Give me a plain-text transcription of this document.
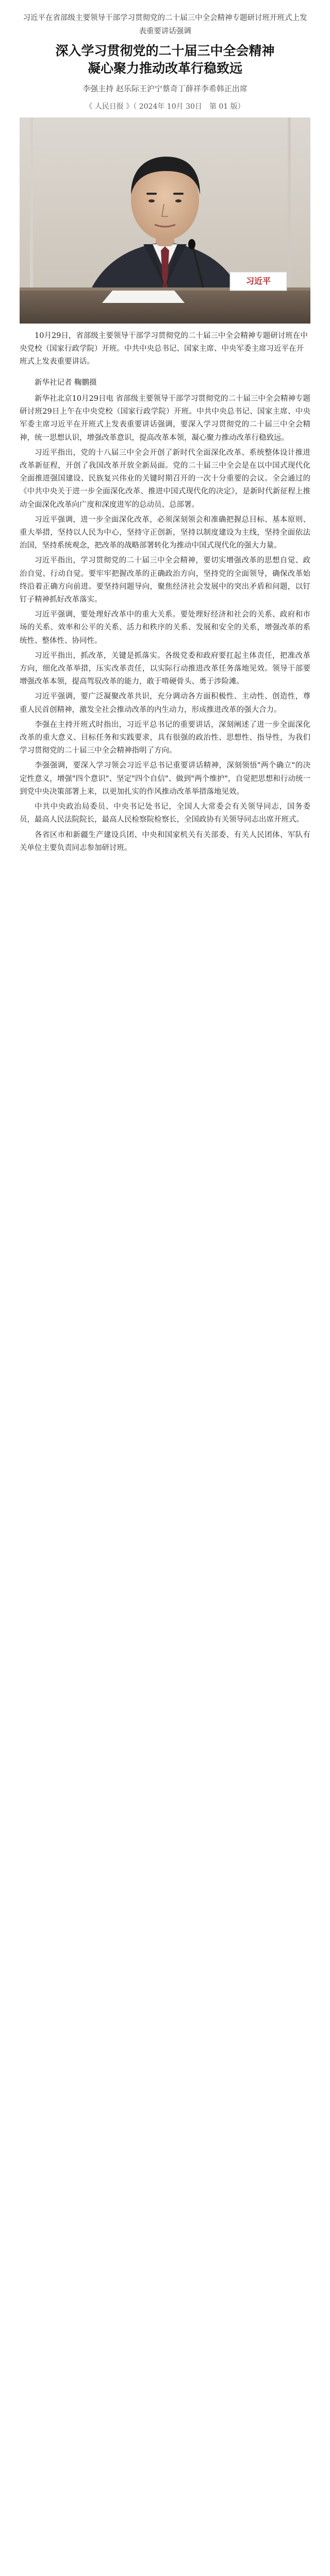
习近平在省部级主要领导干部学习贯彻党的二十届三中全会精神专题研讨班开班式上发表重要讲话强调

深入学习贯彻党的二十届三中全会精神
凝心聚力推动改革行稳致远

李强主持 赵乐际王沪宁蔡奇丁薛祥李希韩正出席

《 人民日报 》（ 2024年 10月 30日　第 01 版）

习近平

10月29日，省部级主要领导干部学习贯彻党的二十届三中全会精神专题研讨班在中央党校（国家行政学院）开班。中共中央总书记、国家主席、中央军委主席习近平在开班式上发表重要讲话。

新华社记者 鞠鹏摄

新华社北京10月29日电 省部级主要领导干部学习贯彻党的二十届三中全会精神专题研讨班29日上午在中央党校（国家行政学院）开班。中共中央总书记、国家主席、中央军委主席习近平在开班式上发表重要讲话强调，要深入学习贯彻党的二十届三中全会精神，统一思想认识，增强改革意识，提高改革本领，凝心聚力推动改革行稳致远。

习近平指出，党的十八届三中全会开创了新时代全面深化改革、系统整体设计推进改革新征程，开创了我国改革开放全新局面。党的二十届三中全会是在以中国式现代化全面推进强国建设、民族复兴伟业的关键时期召开的一次十分重要的会议。全会通过的《中共中央关于进一步全面深化改革、推进中国式现代化的决定》，是新时代新征程上推动全面深化改革向广度和深度进军的总动员、总部署。

习近平强调，进一步全面深化改革，必须深刻领会和准确把握总目标、基本原则、重大举措，坚持以人民为中心，坚持守正创新，坚持以制度建设为主线，坚持全面依法治国，坚持系统观念，把改革的战略部署转化为推动中国式现代化的强大力量。

习近平指出，学习贯彻党的二十届三中全会精神，要切实增强改革的思想自觉、政治自觉、行动自觉。要牢牢把握改革的正确政治方向，坚持党的全面领导，确保改革始终沿着正确方向前进。要坚持问题导向，聚焦经济社会发展中的突出矛盾和问题，以钉钉子精神抓好改革落实。

习近平强调，要处理好改革中的重大关系。要处理好经济和社会的关系、政府和市场的关系、效率和公平的关系、活力和秩序的关系、发展和安全的关系，增强改革的系统性、整体性、协同性。

习近平指出，抓改革，关键是抓落实。各级党委和政府要扛起主体责任，把准改革方向，细化改革举措，压实改革责任，以实际行动推进改革任务落地见效。领导干部要增强改革本领，提高驾驭改革的能力，敢于啃硬骨头、勇于涉险滩。

习近平强调，要广泛凝聚改革共识，充分调动各方面积极性、主动性、创造性，尊重人民首创精神，激发全社会推动改革的内生动力，形成推进改革的强大合力。

李强在主持开班式时指出，习近平总书记的重要讲话，深刻阐述了进一步全面深化改革的重大意义、目标任务和实践要求，具有很强的政治性、思想性、指导性，为我们学习贯彻党的二十届三中全会精神指明了方向。

李强强调，要深入学习领会习近平总书记重要讲话精神，深刻领悟"两个确立"的决定性意义，增强"四个意识"、坚定"四个自信"、做到"两个维护"，自觉把思想和行动统一到党中央决策部署上来，以更加扎实的作风推动改革举措落地见效。

中共中央政治局委员、中央书记处书记，全国人大常委会有关领导同志，国务委员，最高人民法院院长，最高人民检察院检察长，全国政协有关领导同志出席开班式。

各省区市和新疆生产建设兵团、中央和国家机关有关部委、有关人民团体、军队有关单位主要负责同志参加研讨班。
